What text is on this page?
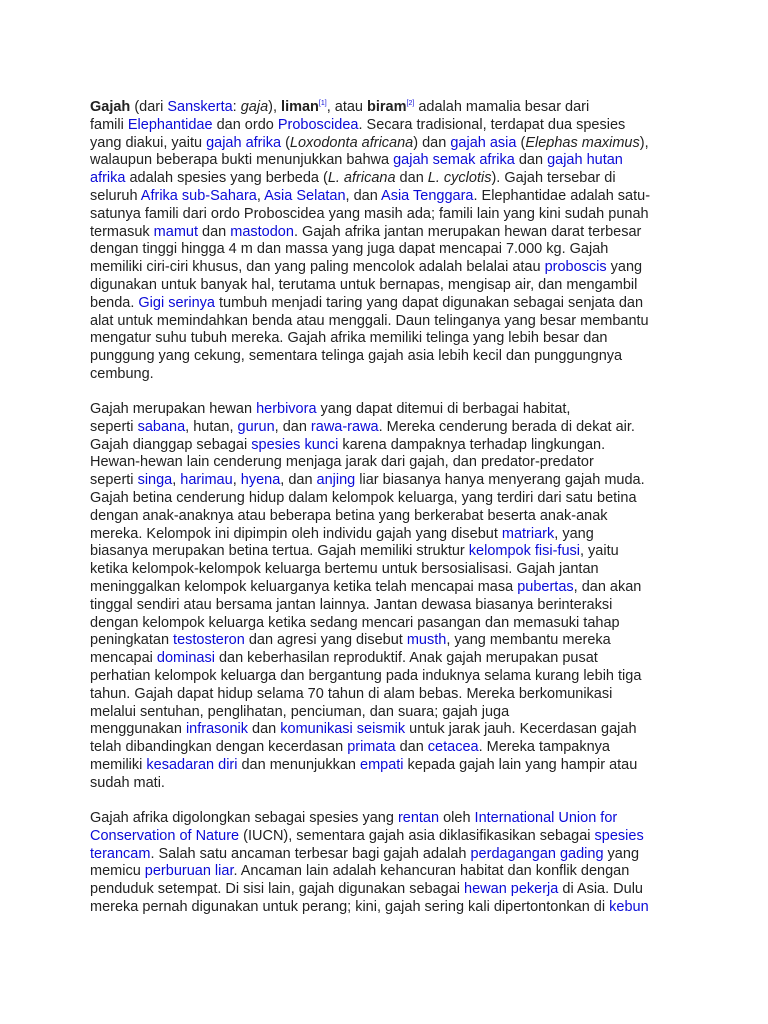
Gajah (dari Sanskerta: gaja), liman[1], atau biram[2] adalah mamalia besar dari
famili Elephantidae dan ordo Proboscidea. Secara tradisional, terdapat dua spesies
yang diakui, yaitu gajah afrika (Loxodonta africana) dan gajah asia (Elephas maximus),
walaupun beberapa bukti menunjukkan bahwa gajah semak afrika dan gajah hutan
afrika adalah spesies yang berbeda (L. africana dan L. cyclotis). Gajah tersebar di
seluruh Afrika sub-Sahara, Asia Selatan, dan Asia Tenggara. Elephantidae adalah satu-
satunya famili dari ordo Proboscidea yang masih ada; famili lain yang kini sudah punah
termasuk mamut dan mastodon. Gajah afrika jantan merupakan hewan darat terbesar
dengan tinggi hingga 4 m dan massa yang juga dapat mencapai 7.000 kg. Gajah
memiliki ciri-ciri khusus, dan yang paling mencolok adalah belalai atau proboscis yang
digunakan untuk banyak hal, terutama untuk bernapas, mengisap air, dan mengambil
benda. Gigi serinya tumbuh menjadi taring yang dapat digunakan sebagai senjata dan
alat untuk memindahkan benda atau menggali. Daun telinganya yang besar membantu
mengatur suhu tubuh mereka. Gajah afrika memiliki telinga yang lebih besar dan
punggung yang cekung, sementara telinga gajah asia lebih kecil dan punggungnya
cembung.
Gajah merupakan hewan herbivora yang dapat ditemui di berbagai habitat,
seperti sabana, hutan, gurun, dan rawa-rawa. Mereka cenderung berada di dekat air.
Gajah dianggap sebagai spesies kunci karena dampaknya terhadap lingkungan.
Hewan-hewan lain cenderung menjaga jarak dari gajah, dan predator-predator
seperti singa, harimau, hyena, dan anjing liar biasanya hanya menyerang gajah muda.
Gajah betina cenderung hidup dalam kelompok keluarga, yang terdiri dari satu betina
dengan anak-anaknya atau beberapa betina yang berkerabat beserta anak-anak
mereka. Kelompok ini dipimpin oleh individu gajah yang disebut matriark, yang
biasanya merupakan betina tertua. Gajah memiliki struktur kelompok fisi-fusi, yaitu
ketika kelompok-kelompok keluarga bertemu untuk bersosialisasi. Gajah jantan
meninggalkan kelompok keluarganya ketika telah mencapai masa pubertas, dan akan
tinggal sendiri atau bersama jantan lainnya. Jantan dewasa biasanya berinteraksi
dengan kelompok keluarga ketika sedang mencari pasangan dan memasuki tahap
peningkatan testosteron dan agresi yang disebut musth, yang membantu mereka
mencapai dominasi dan keberhasilan reproduktif. Anak gajah merupakan pusat
perhatian kelompok keluarga dan bergantung pada induknya selama kurang lebih tiga
tahun. Gajah dapat hidup selama 70 tahun di alam bebas. Mereka berkomunikasi
melalui sentuhan, penglihatan, penciuman, dan suara; gajah juga
menggunakan infrasonik dan komunikasi seismik untuk jarak jauh. Kecerdasan gajah
telah dibandingkan dengan kecerdasan primata dan cetacea. Mereka tampaknya
memiliki kesadaran diri dan menunjukkan empati kepada gajah lain yang hampir atau
sudah mati.
Gajah afrika digolongkan sebagai spesies yang rentan oleh International Union for
Conservation of Nature (IUCN), sementara gajah asia diklasifikasikan sebagai spesies
terancam. Salah satu ancaman terbesar bagi gajah adalah perdagangan gading yang
memicu perburuan liar. Ancaman lain adalah kehancuran habitat dan konflik dengan
penduduk setempat. Di sisi lain, gajah digunakan sebagai hewan pekerja di Asia. Dulu
mereka pernah digunakan untuk perang; kini, gajah sering kali dipertontonkan di kebun
